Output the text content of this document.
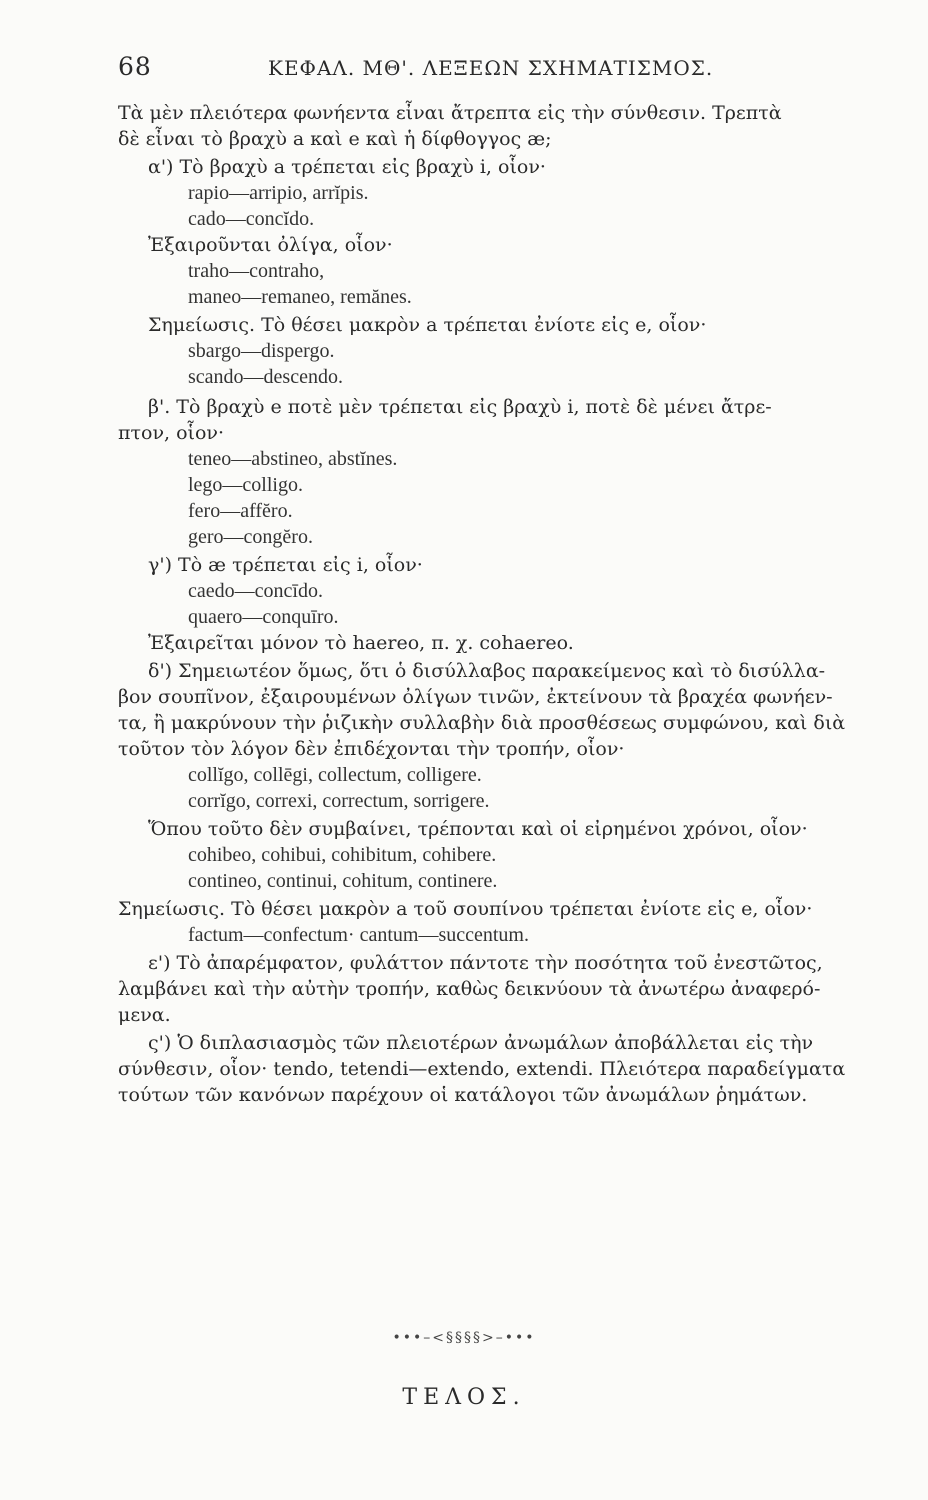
68	ΚΕΦΑΛ. ΜΘ'. ΛΕΞΕΩΝ ΣΧΗΜΑΤΙΣΜΟΣ.
Τὰ μὲν πλειότερα φωνήεντα εἶναι ἄτρεπτα εἰς τὴν σύνθεσιν. Τρεπτὰ
δὲ εἶναι τὸ βραχὺ a καὶ e καὶ ἡ δίφθογγος æ;
α') Τὸ βραχὺ a τρέπεται εἰς βραχὺ i, οἷον·
rapio—arripio, arrĭpis.
cado—concĭdo.
Ἐξαιροῦνται ὀλίγα, οἷον·
traho—contraho,
maneo—remaneo, remănes.
Σημείωσις. Τὸ θέσει μακρὸν a τρέπεται ἐνίοτε εἰς e, οἷον·
sbargo—dispergo.
scando—descendo.
β'. Τὸ βραχὺ e ποτὲ μὲν τρέπεται εἰς βραχὺ i, ποτὲ δὲ μένει ἄτρε-
πτον, οἷον·
teneo—abstineo, abstĭnes.
lego—colligo.
fero—affĕro.
gero—congĕro.
γ') Τὸ æ τρέπεται εἰς i, οἷον·
caedo—concīdo.
quaero—conquīro.
Ἐξαιρεῖται μόνον τὸ haereo, π. χ. cohaereo.
δ') Σημειωτέον ὅμως, ὅτι ὁ δισύλλαβος παρακείμενος καὶ τὸ δισύλλα-
βον σουπῖνον, ἐξαιρουμένων ὀλίγων τινῶν, ἐκτείνουν τὰ βραχέα φωνήεν-
τα, ἢ μακρύνουν τὴν ῥιζικὴν συλλαβὴν διὰ προσθέσεως συμφώνου, καὶ διὰ
τοῦτον τὸν λόγον δὲν ἐπιδέχονται τὴν τροπήν, οἷον·
collĭgo, collēgi, collectum, colligere.
corrĭgo, correxi, correctum, sorrigere.
Ὅπου τοῦτο δὲν συμβαίνει, τρέπονται καὶ οἱ εἰρημένοι χρόνοι, οἷον·
cohibeo, cohibui, cohibitum, cohibere.
contineo, continui, cohitum, continere.
Σημείωσις. Τὸ θέσει μακρὸν a τοῦ σουπίνου τρέπεται ἐνίοτε εἰς e, οἷον·
factum—confectum· cantum—succentum.
ε') Τὸ ἀπαρέμφατον, φυλάττον πάντοτε τὴν ποσότητα τοῦ ἐνεστῶτος,
λαμβάνει καὶ τὴν αὐτὴν τροπήν, καθὼς δεικνύουν τὰ ἀνωτέρω ἀναφερό-
μενα.
ς') Ὁ διπλασιασμὸς τῶν πλειοτέρων ἀνωμάλων ἀποβάλλεται εἰς τὴν
σύνθεσιν, οἷον· tendo, tetendi—extendo, extendi. Πλειότερα παραδείγματα
τούτων τῶν κανόνων παρέχουν οἱ κατάλογοι τῶν ἀνωμάλων ῥημάτων.
•••–<§§§§>–•••
ΤΕΛΟΣ.
